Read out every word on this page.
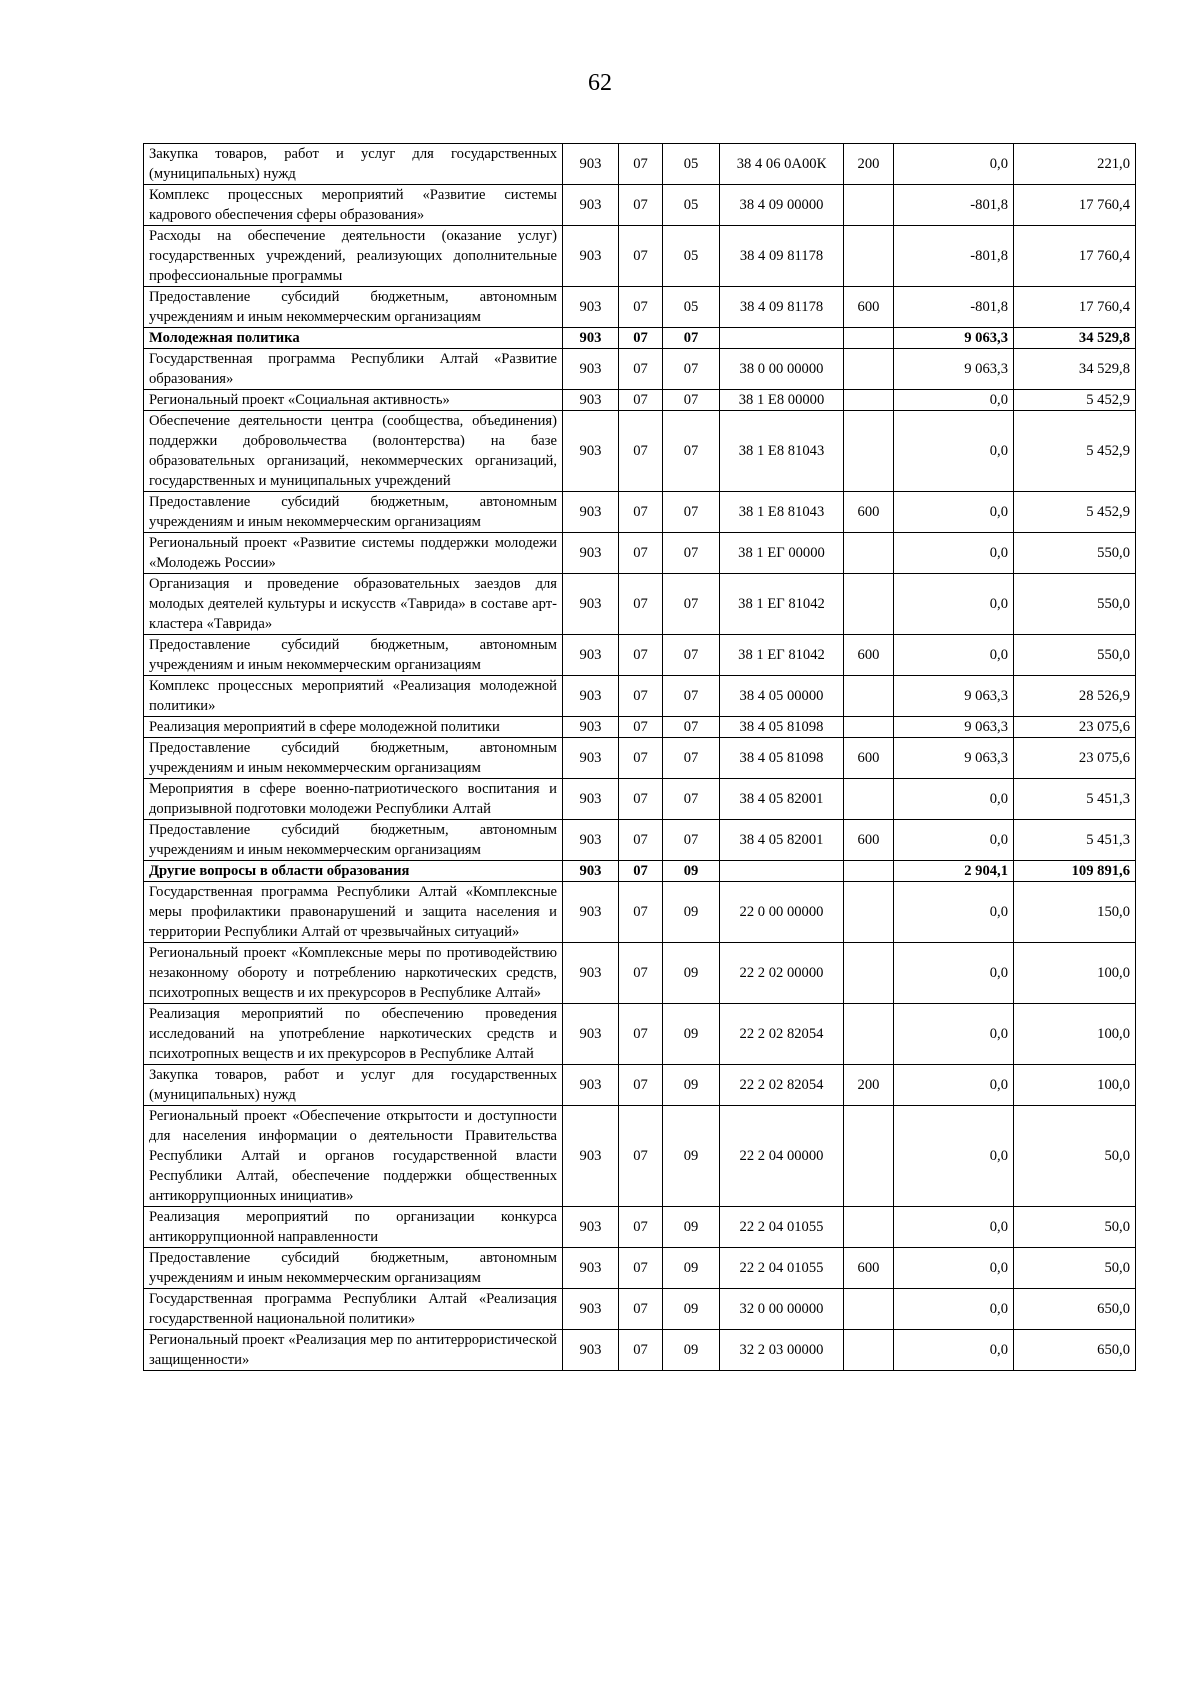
62
Закупка товаров, работ и услуг для государственных (муниципальных) нужд	903	07	05	38 4 06 0А00К	200	0,0	221,0
Комплекс процессных мероприятий «Развитие системы кадрового обеспечения сферы образования»	903	07	05	38 4 09 00000		-801,8	17 760,4
Расходы на обеспечение деятельности (оказание услуг) государственных учреждений, реализующих дополнительные профессиональные программы	903	07	05	38 4 09 81178		-801,8	17 760,4
Предоставление субсидий бюджетным, автономным учреждениям и иным некоммерческим организациям	903	07	05	38 4 09 81178	600	-801,8	17 760,4
Молодежная политика	903	07	07			9 063,3	34 529,8
Государственная программа Республики Алтай «Развитие образования»	903	07	07	38 0 00 00000		9 063,3	34 529,8
Региональный проект «Социальная активность»	903	07	07	38 1 Е8 00000		0,0	5 452,9
Обеспечение деятельности центра (сообщества, объединения) поддержки добровольчества (волонтерства) на базе образовательных организаций, некоммерческих организаций, государственных и муниципальных учреждений	903	07	07	38 1 Е8 81043		0,0	5 452,9
Предоставление субсидий бюджетным, автономным учреждениям и иным некоммерческим организациям	903	07	07	38 1 Е8 81043	600	0,0	5 452,9
Региональный проект «Развитие системы поддержки молодежи «Молодежь России»	903	07	07	38 1 ЕГ 00000		0,0	550,0
Организация и проведение образовательных заездов для молодых деятелей культуры и искусств «Таврида» в составе арт-кластера «Таврида»	903	07	07	38 1 ЕГ 81042		0,0	550,0
Предоставление субсидий бюджетным, автономным учреждениям и иным некоммерческим организациям	903	07	07	38 1 ЕГ 81042	600	0,0	550,0
Комплекс процессных мероприятий «Реализация молодежной политики»	903	07	07	38 4 05 00000		9 063,3	28 526,9
Реализация мероприятий в сфере молодежной политики	903	07	07	38 4 05 81098		9 063,3	23 075,6
Предоставление субсидий бюджетным, автономным учреждениям и иным некоммерческим организациям	903	07	07	38 4 05 81098	600	9 063,3	23 075,6
Мероприятия в сфере военно-патриотического воспитания и допризывной подготовки молодежи Республики Алтай	903	07	07	38 4 05 82001		0,0	5 451,3
Предоставление субсидий бюджетным, автономным учреждениям и иным некоммерческим организациям	903	07	07	38 4 05 82001	600	0,0	5 451,3
Другие вопросы в области образования	903	07	09			2 904,1	109 891,6
Государственная программа Республики Алтай «Комплексные меры профилактики правонарушений и защита населения и территории Республики Алтай от чрезвычайных ситуаций»	903	07	09	22 0 00 00000		0,0	150,0
Региональный проект «Комплексные меры по противодействию незаконному обороту и потреблению наркотических средств, психотропных веществ и их прекурсоров в Республике Алтай»	903	07	09	22 2 02 00000		0,0	100,0
Реализация мероприятий по обеспечению проведения исследований на употребление наркотических средств и психотропных веществ и их прекурсоров в Республике Алтай	903	07	09	22 2 02 82054		0,0	100,0
Закупка товаров, работ и услуг для государственных (муниципальных) нужд	903	07	09	22 2 02 82054	200	0,0	100,0
Региональный проект «Обеспечение открытости и доступности для населения информации о деятельности Правительства Республики Алтай и органов государственной власти Республики Алтай, обеспечение поддержки общественных антикоррупционных инициатив»	903	07	09	22 2 04 00000		0,0	50,0
Реализация мероприятий по организации конкурса антикоррупционной направленности	903	07	09	22 2 04 01055		0,0	50,0
Предоставление субсидий бюджетным, автономным учреждениям и иным некоммерческим организациям	903	07	09	22 2 04 01055	600	0,0	50,0
Государственная программа Республики Алтай «Реализация государственной национальной политики»	903	07	09	32 0 00 00000		0,0	650,0
Региональный проект «Реализация мер по антитеррористической защищенности»	903	07	09	32 2 03 00000		0,0	650,0
